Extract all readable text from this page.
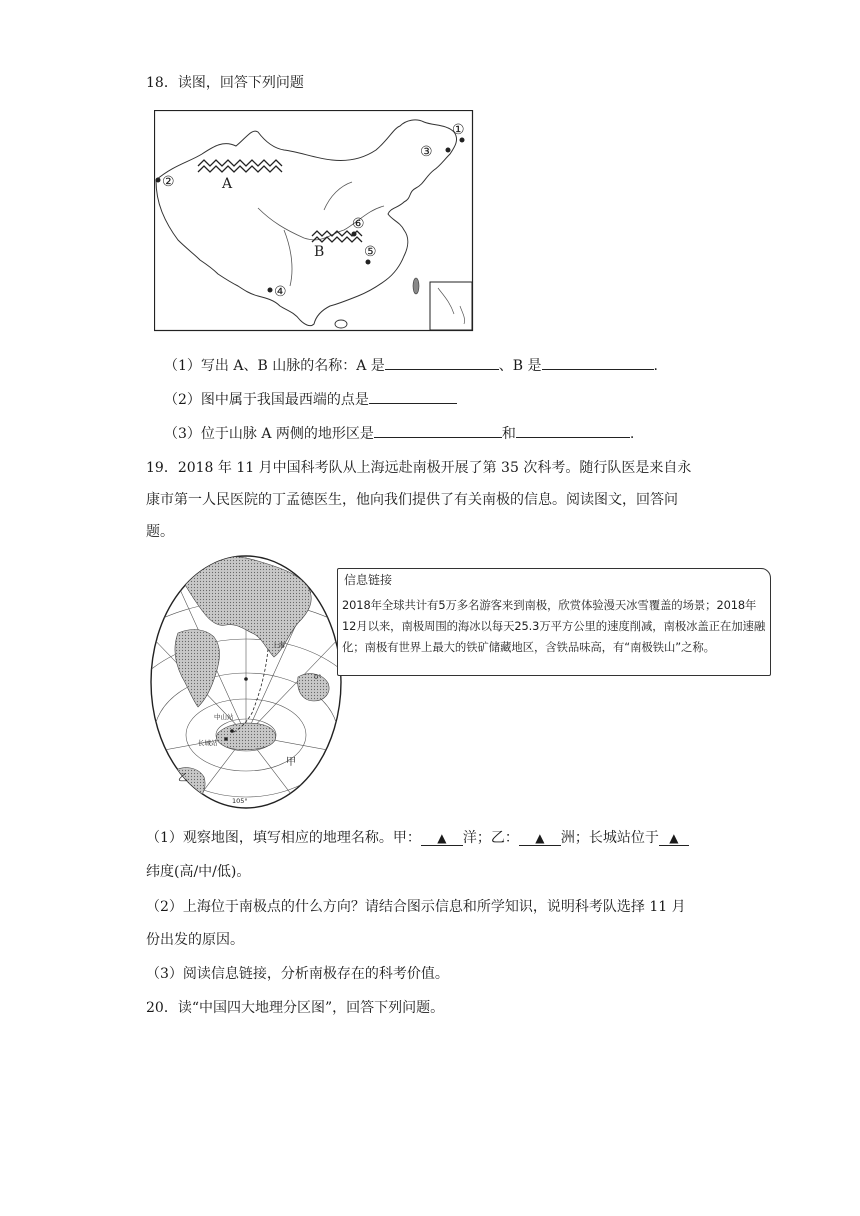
18．读图，回答下列问题
A
B
①
②
③
④
⑤
⑥
（1）写出 A、B 山脉的名称：A 是	、B 是	.
（2）图中属于我国最西端的点是
（3）位于山脉 A 两侧的地形区是	和	.
19．2018 年 11 月中国科考队从上海远赴南极开展了第 35 次科考。随行队医是来自永
康市第一人民医院的丁孟德医生，他向我们提供了有关南极的信息。阅读图文，回答问
题。
上海
0°
中山站
长城站
105°
甲
乙
信息链接
2018年全球共计有5万多名游客来到南极，欣赏体验漫天冰雪覆盖的场景；2018年12月以来，南极周围的海冰以每天25.3万平方公里的速度削减，南极冰盖正在加速融化；南极有世界上最大的铁矿储藏地区，含铁品味高，有“南极铁山”之称。
（1）观察地图，填写相应的地理名称。甲： ▲ 洋；乙： ▲ 洲；长城站位于 ▲
纬度(高/中/低)。
（2）上海位于南极点的什么方向？请结合图示信息和所学知识，说明科考队选择 11 月
份出发的原因。
（3）阅读信息链接，分析南极存在的科考价值。
20．读“中国四大地理分区图”，回答下列问题。
